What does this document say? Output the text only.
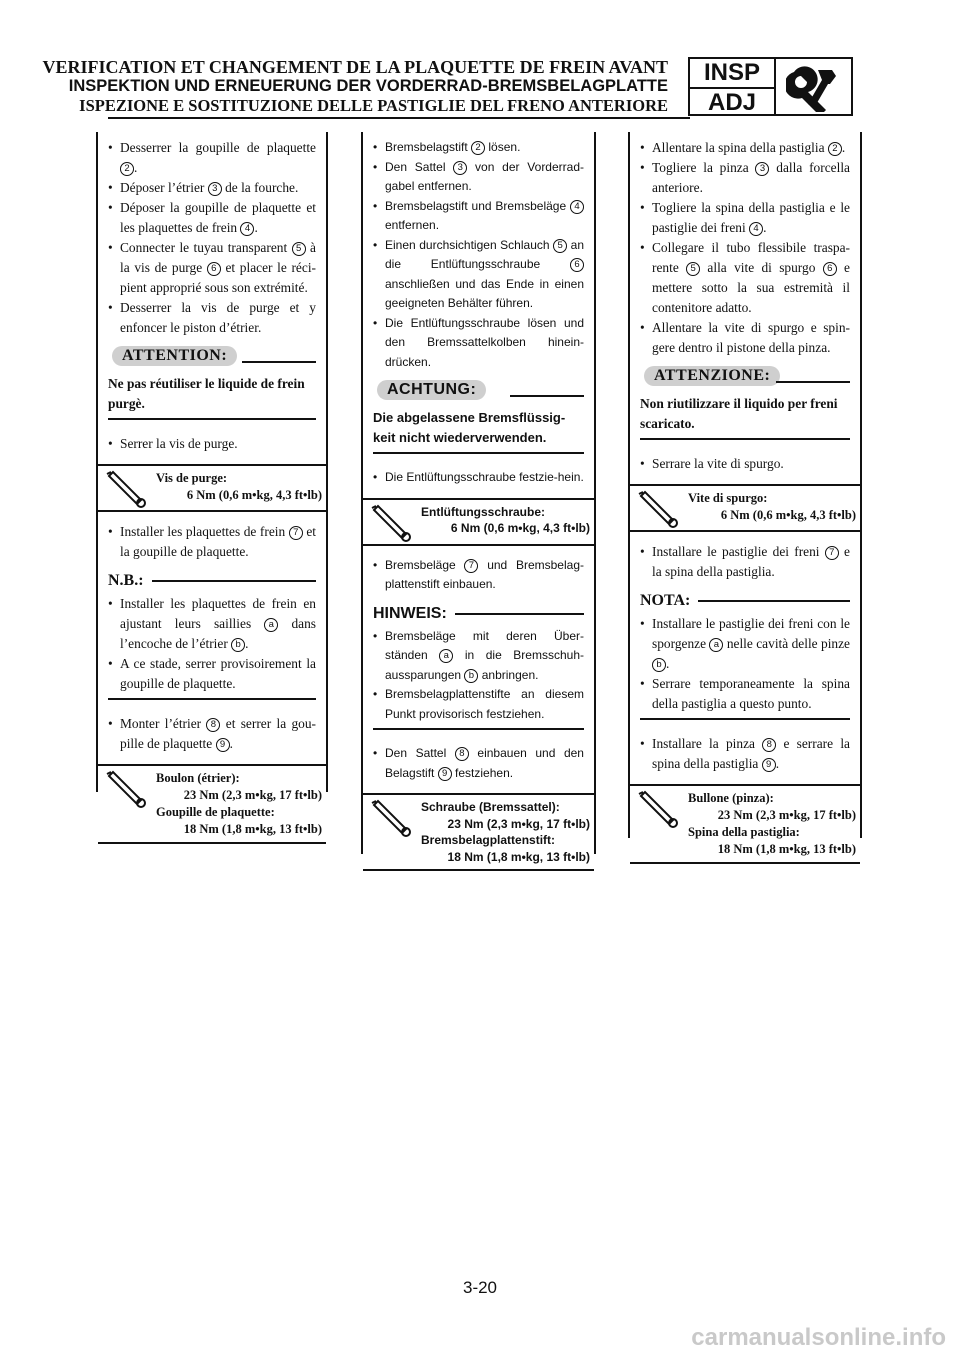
VERIFICATION ET CHANGEMENT DE LA PLAQUETTE DE FREIN AVANT
INSPEKTION UND ERNEUERUNG DER VORDERRAD-BREMSBELAGPLATTE
ISPEZIONE E SOSTITUZIONE DELLE PASTIGLIE DEL FRENO ANTERIORE
INSP
ADJ
• Desserrer la goupille de plaquette 2 .
• Déposer l’étrier 3 de la fourche.
• Déposer la goupille de plaquette et les plaquettes de frein 4 .
• Connecter le tuyau transparent 5 à la vis de purge 6 et placer le réci-pient approprié sous son extrémité.
• Desserrer la vis de purge et y enfoncer le piston d’étrier.
ATTENTION:
Ne pas réutiliser le liquide de frein purgè.
• Serrer la vis de purge.
Vis de purge:
6 Nm (0,6 m•kg, 4,3 ft•lb)
• Installer les plaquettes de frein 7 et la goupille de plaquette.
N.B.:
• Installer les plaquettes de frein en ajustant leurs saillies a dans l’encoche de l’étrier b .
• A ce stade, serrer provisoirement la goupille de plaquette.
• Monter l’étrier 8 et serrer la gou-pille de plaquette 9 .
Boulon (étrier):
23 Nm (2,3 m•kg, 17 ft•lb)
Goupille de plaquette:
18 Nm (1,8 m•kg, 13 ft•lb)
• Bremsbelagstift 2 lösen.
• Den Sattel 3 von der Vorderrad-gabel entfernen.
• Bremsbelagstift und Bremsbeläge 4 entfernen.
• Einen durchsichtigen Schlauch 5 an die Entlüftungsschraube 6 anschließen und das Ende in einen geeigneten Behälter führen.
• Die Entlüftungsschraube lösen und den Bremssattelkolben hinein-drücken.
ACHTUNG:
Die abgelassene Bremsflüssig-keit nicht wiederverwenden.
• Die Entlüftungsschraube festzie-hein.
Entlüftungsschraube:
6 Nm (0,6 m•kg, 4,3 ft•lb)
• Bremsbeläge 7 und Bremsbelag-plattenstift einbauen.
HINWEIS:
• Bremsbeläge mit deren Über-ständen a in die Bremsschuh-aussparungen b anbringen.
• Bremsbelagplattenstifte an diesem Punkt provisorisch festziehen.
• Den Sattel 8 einbauen und den Belagstift 9 festziehen.
Schraube (Bremssattel):
23 Nm (2,3 m•kg, 17 ft•lb)
Bremsbelagplattenstift:
18 Nm (1,8 m•kg, 13 ft•lb)
• Allentare la spina della pastiglia 2 .
• Togliere la pinza 3 dalla forcella anteriore.
• Togliere la spina della pastiglia e le pastiglie dei freni 4 .
• Collegare il tubo flessibile traspa-rente 5 alla vite di spurgo 6 e mettere sotto la sua estremità il contenitore adatto.
• Allentare la vite di spurgo e spin-gere dentro il pistone della pinza.
ATTENZIONE:
Non riutilizzare il liquido per freni scaricato.
• Serrare la vite di spurgo.
Vite di spurgo:
6 Nm (0,6 m•kg, 4,3 ft•lb)
• Installare le pastiglie dei freni 7 e la spina della pastiglia.
NOTA:
• Installare le pastiglie dei freni con le sporgenze a nelle cavità delle pinze b .
• Serrare temporaneamente la spina della pastiglia a questo punto.
• Installare la pinza 8 e serrare la spina della pastiglia 9 .
Bullone (pinza):
23 Nm (2,3 m•kg, 17 ft•lb)
Spina della pastiglia:
18 Nm (1,8 m•kg, 13 ft•lb)
3-20
carmanualsonline.info
